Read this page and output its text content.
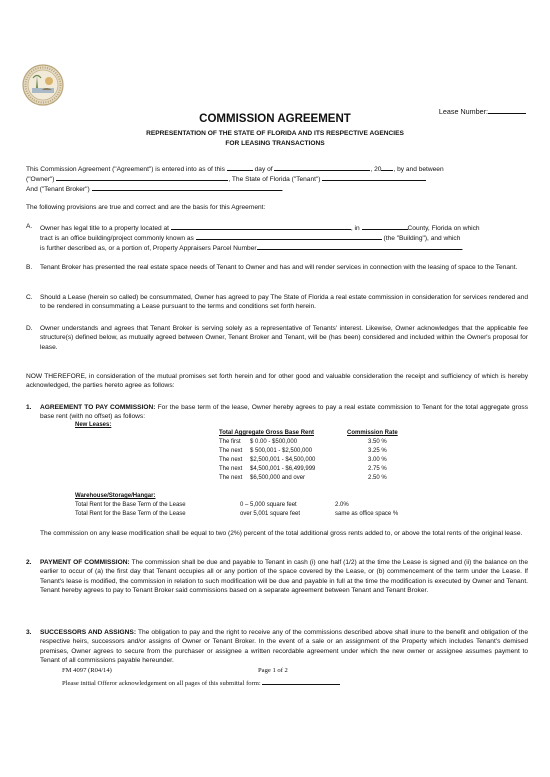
Lease Number:
COMMISSION AGREEMENT
REPRESENTATION OF THE STATE OF FLORIDA AND ITS RESPECTIVE AGENCIES
FOR LEASING TRANSACTIONS
This Commission Agreement ("Agreement") is entered into as of this	day of	, 20 , by and between
("Owner")	, The State of Florida ("Tenant")
And ("Tenant Broker")	.
The following provisions are true and correct and are the basis for this Agreement:
A. Owner has legal title to a property located at	, in	County, Florida on which
tract is an office building/project commonly known as	(the "Building"), and which
is further described as, or a portion of, Property Appraisers Parcel Number	.
B. Tenant Broker has presented the real estate space needs of Tenant to Owner and has and will render services in connection with the leasing of space to the Tenant.
C. Should a Lease (herein so called) be consummated, Owner has agreed to pay The State of Florida a real estate commission in consideration for services rendered and to be rendered in consummating a Lease pursuant to the terms and conditions set forth herein.
D. Owner understands and agrees that Tenant Broker is serving solely as a representative of Tenants' interest. Likewise, Owner acknowledges that the applicable fee structure(s) defined below, as mutually agreed between Owner, Tenant Broker and Tenant, will be (has been) considered and included within the Owner's proposal for lease.
NOW THEREFORE, in consideration of the mutual promises set forth herein and for other good and valuable consideration the receipt and sufficiency of which is hereby acknowledged, the parties hereto agree as follows:
1. AGREEMENT TO PAY COMMISSION: For the base term of the lease, Owner hereby agrees to pay a real estate commission to Tenant for the total aggregate gross base rent (with no offset) as follows:
New Leases:
Total Aggregate Gross Base Rent	Commission Rate
The first $ 0.00 - $500,000	3.50 %
The next $ 500,001 - $2,500,000	3.25 %
The next $2,500,001 - $4,500,000	3.00 %
The next $4,500,001 - $6,499,999	2.75 %
The next $6,500,000 and over	2.50 %
Warehouse/Storage/Hangar:
Total Rent for the Base Term of the Lease	0 – 5,000 square feet	2.0%
Total Rent for the Base Term of the Lease	over 5,001 square feet	same as office space %
The commission on any lease modification shall be equal to two (2%) percent of the total additional gross rents added to, or above the total rents of the original lease.
2. PAYMENT OF COMMISSION: The commission shall be due and payable to Tenant in cash (i) one half (1/2) at the time the Lease is signed and (ii) the balance on the earlier to occur of (a) the first day that Tenant occupies all or any portion of the space covered by the Lease, or (b) commencement of the term under the Lease. If Tenant's lease is modified, the commission in relation to such modification will be due and payable in full at the time the modification is executed by Owner and Tenant. Tenant hereby agrees to pay to Tenant Broker said commissions based on a separate agreement between Tenant and Tenant Broker.
3. SUCCESSORS AND ASSIGNS: The obligation to pay and the right to receive any of the commissions described above shall inure to the benefit and obligation of the respective heirs, successors and/or assigns of Owner or Tenant Broker. In the event of a sale or an assignment of the Property which includes Tenant's demised premises, Owner agrees to secure from the purchaser or assignee a written recordable agreement under which the new owner or assignee assumes payment to Tenant of all commissions payable hereunder.
FM 4097 (R04/14)	Page 1 of 2
Please initial Offeror acknowledgement on all pages of this submittal form:
